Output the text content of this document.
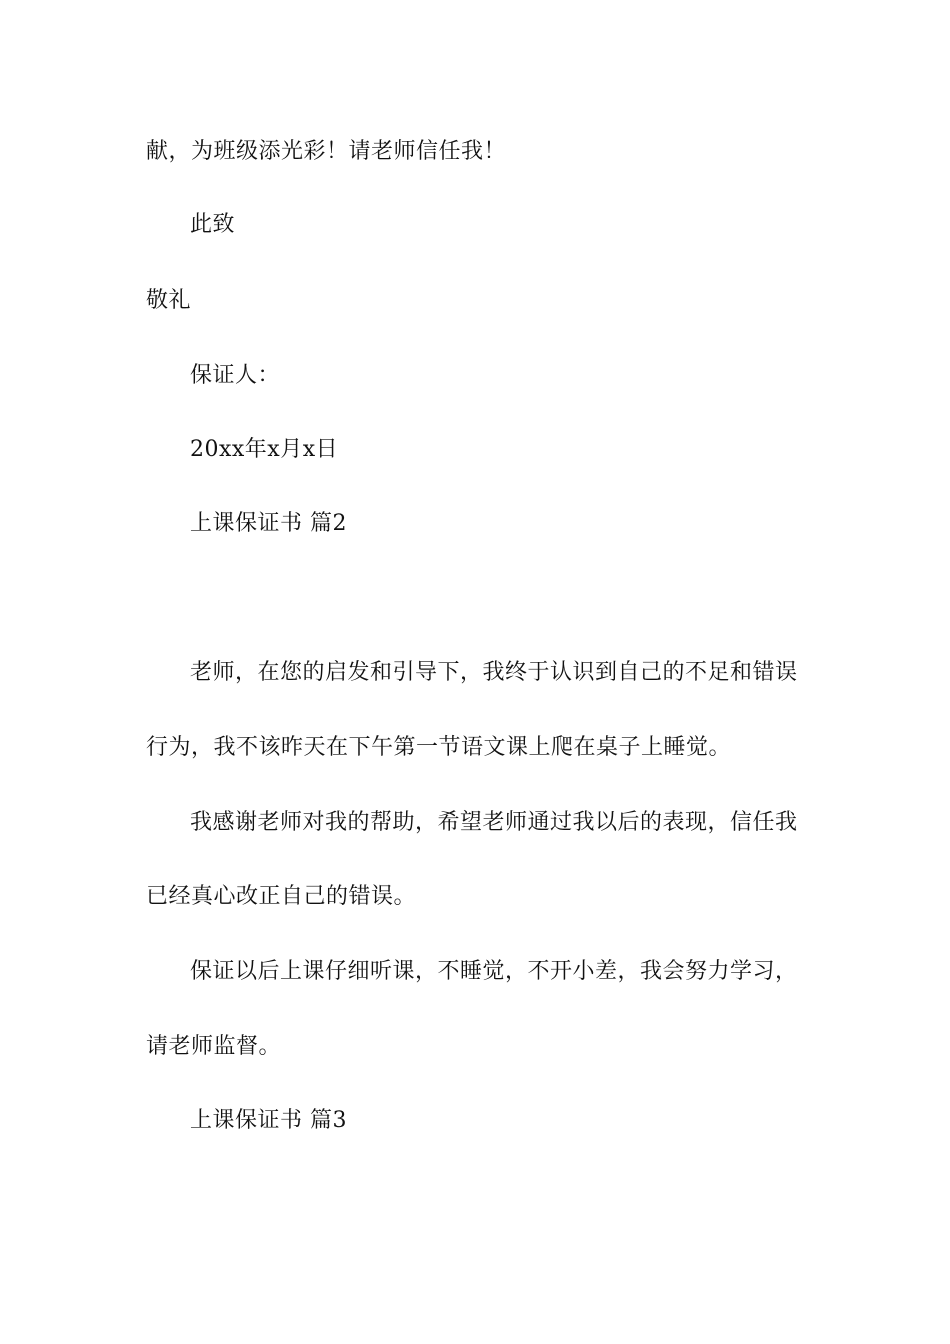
献，为班级添光彩！请老师信任我！

此致

敬礼

保证人：

20xx年x月x日

上课保证书 篇2

老师，在您的启发和引导下，我终于认识到自己的不足和错误

行为，我不该昨天在下午第一节语文课上爬在桌子上睡觉。

我感谢老师对我的帮助，希望老师通过我以后的表现，信任我

已经真心改正自己的错误。

保证以后上课仔细听课，不睡觉，不开小差，我会努力学习，

请老师监督。

上课保证书 篇3
